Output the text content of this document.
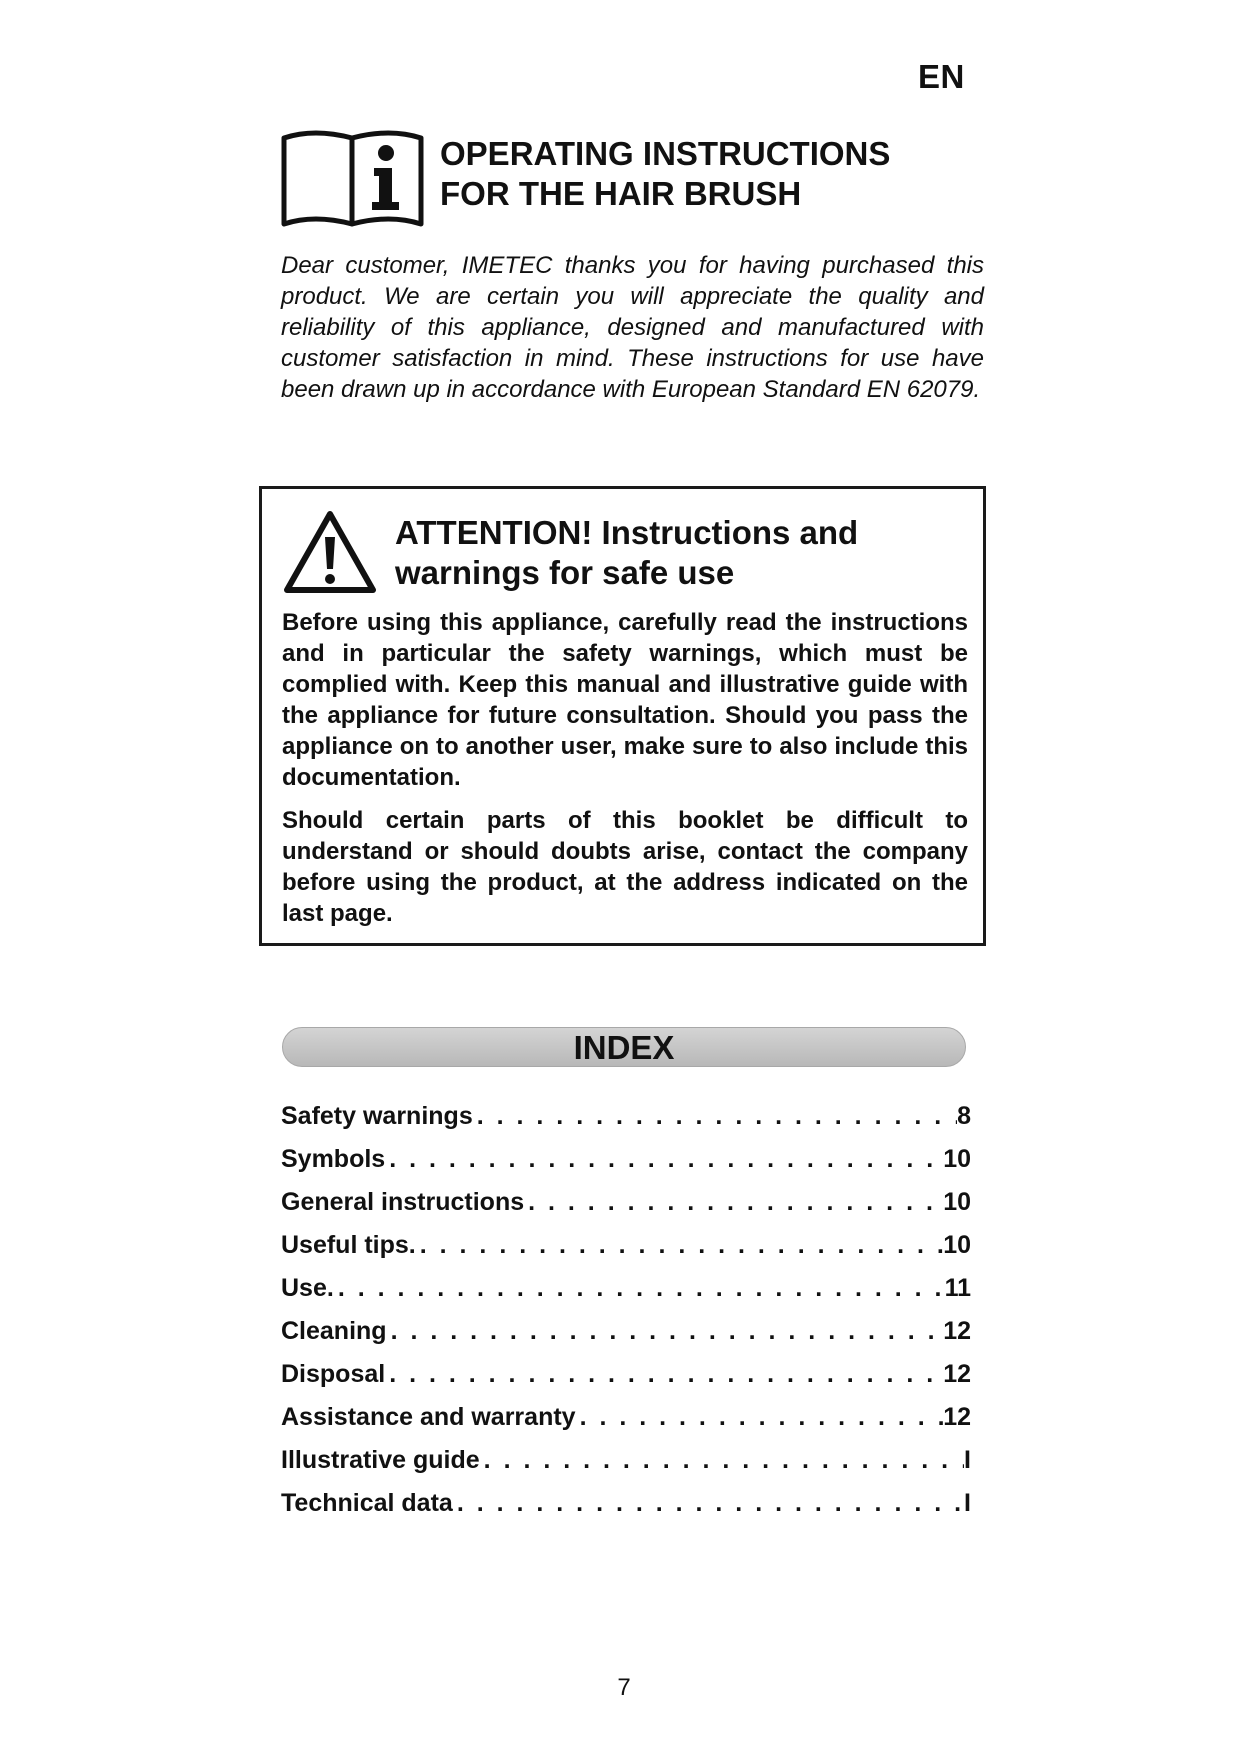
EN
OPERATING INSTRUCTIONS
FOR THE HAIR BRUSH

Dear customer, IMETEC thanks you for having purchased this product. We are certain you will appreciate the quality and reliability of this appliance, designed and manufactured with customer satisfaction in mind. These instructions for use have been drawn up in accordance with European Standard EN 62079.

ATTENTION! Instructions and
warnings for safe use

Before using this appliance, carefully read the instructions and in particular the safety warnings, which must be complied with. Keep this manual and illustrative guide with the appliance for future consultation. Should you pass the appliance on to another user, make sure to also include this documentation.

Should certain parts of this booklet be difficult to understand or should doubts arise, contact the company before using the product, at the address indicated on the last page.

INDEX
Safety warnings . . .	8
Symbols . . .	10
General instructions . . .	10
Useful tips. . . .	10
Use. . . .	11
Cleaning . . .	12
Disposal . . .	12
Assistance and warranty . . .	12
Illustrative guide . . .	I
Technical data . . .	I
7
